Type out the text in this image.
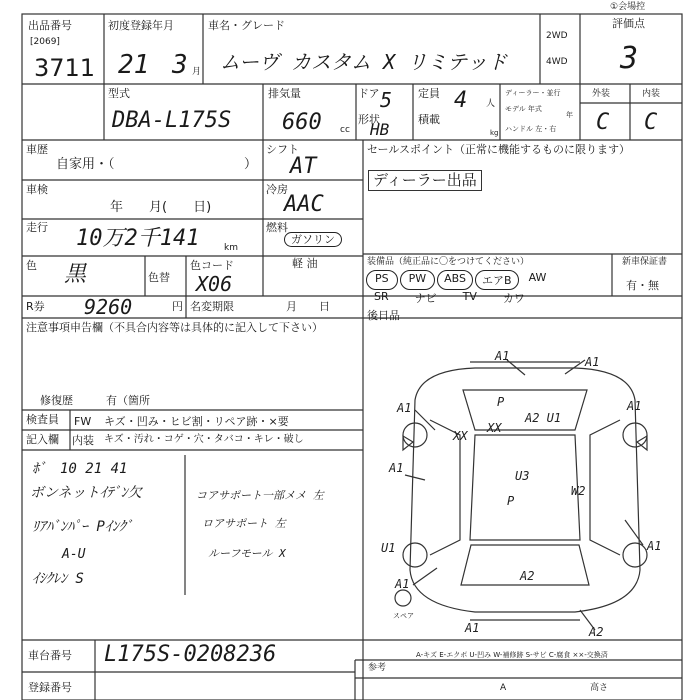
出品番号
[2069]
3711
初度登録年月
21 3 月
車名・グレード
ムーヴ カスタム X リミテッド
2WD
4WD
評価点
3
①会場控
型式
DBA-L175S
排気量
660 cc
ドア 5
形状
HB
定員 4 人
積載
kg
ディーラー・並行
モデル 年式
年
ハンドル 左・右
外装	内装
C C
車歴
自家用・（	）
シフト
AT
車検
年　　月(　　日)
冷房
AAC
走行 10万2千141	km
燃料
ガソリン
軽 油
色 黒	色替
色コード
X06
R券 9260	円 名変期限	月　　日
セールスポイント（正常に機能するものに限ります）
ディーラー出品
装備品（純正品に〇をつけてください）	新車保証書
有・無
PS	PW	ABS	エアB	AW
SR ナビ TV カワ
後日品
注意事項申告欄（不具合内容等は具体的に記入して下さい）
修復歴	有（箇所
検査員
記入欄
FW キズ・凹み・ヒビ割・リペア跡・×要
内装 キズ・汚れ・コゲ・穴・タバコ・キレ・破し
ﾎﾞ　10 21 41
ボンネットｲﾃﾞﾝ欠
ﾘｱﾊﾞﾝﾊﾟｰ Pｲﾝｸﾞ
A-U
ｲｼｸﾚﾝ S
コアサポート一部メメ 左
ロアサポート 左
ルーフモール X
A1	A1
A1	A1
A1
A1
A1
P
A2 U1
XX
XX
U3
P
W2
A1
A2
A2
U1
スペア
車台番号 L175S-0208236
登録番号
A-キズ E-エクボ U-凹み W-補修跡 S-サビ C-腐食 ××-交換済
参考
A	高さ
